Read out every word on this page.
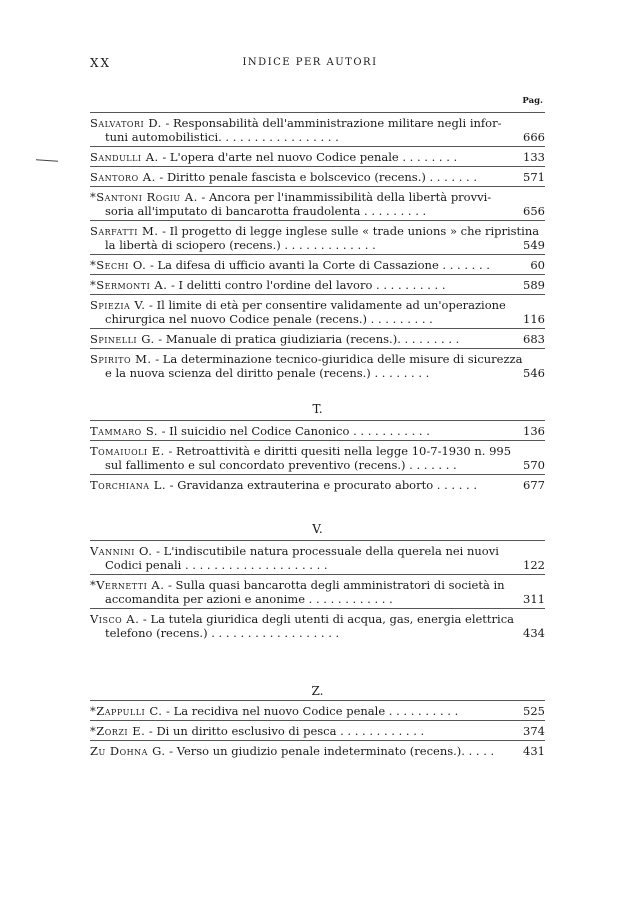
XX	INDICE PER AUTORI
Pag.
Salvatori D. - Responsabilità dell'amministrazione militare negli infor-
tuni automobilistici. . . . . . . . . . . . . . . . .	666
Sandulli A. - L'opera d'arte nel nuovo Codice penale . . . . . . . .	133
Santoro A. - Diritto penale fascista e bolscevico (recens.) . . . . . . .	571
*Santoni Rogiu A. - Ancora per l'inammissibilità della libertà provvi-
soria all'imputato di bancarotta fraudolenta . . . . . . . . .	656
Sarfatti M. - Il progetto di legge inglese sulle « trade unions » che ripristina
la libertà di sciopero (recens.) . . . . . . . . . . . . .	549
*Sechi O. - La difesa di ufficio avanti la Corte di Cassazione . . . . . . .	60
*Sermonti A. - I delitti contro l'ordine del lavoro . . . . . . . . . .	589
Spiezia V. - Il limite di età per consentire validamente ad un'operazione
chirurgica nel nuovo Codice penale (recens.) . . . . . . . . .	116
Spinelli G. - Manuale di pratica giudiziaria (recens.). . . . . . . . .	683
Spirito M. - La determinazione tecnico-giuridica delle misure di sicurezza
e la nuova scienza del diritto penale (recens.) . . . . . . . .	546
T.
Tammaro S. - Il suicidio nel Codice Canonico . . . . . . . . . . .	136
Tomaiuoli E. - Retroattività e diritti quesiti nella legge 10-7-1930 n. 995
sul fallimento e sul concordato preventivo (recens.) . . . . . . .	570
Torchiana L. - Gravidanza extrauterina e procurato aborto . . . . . .	677
V.
Vannini O. - L'indiscutibile natura processuale della querela nei nuovi
Codici penali . . . . . . . . . . . . . . . . . . . .	122
*Vernetti A. - Sulla quasi bancarotta degli amministratori di società in
accomandita per azioni e anonime . . . . . . . . . . . .	311
Visco A. - La tutela giuridica degli utenti di acqua, gas, energia elettrica
telefono (recens.) . . . . . . . . . . . . . . . . . .	434
Z.
*Zappulli C. - La recidiva nel nuovo Codice penale . . . . . . . . . .	525
*Zorzi E. - Di un diritto esclusivo di pesca . . . . . . . . . . . .	374
Zu Dohna G. - Verso un giudizio penale indeterminato (recens.). . . . .	431
